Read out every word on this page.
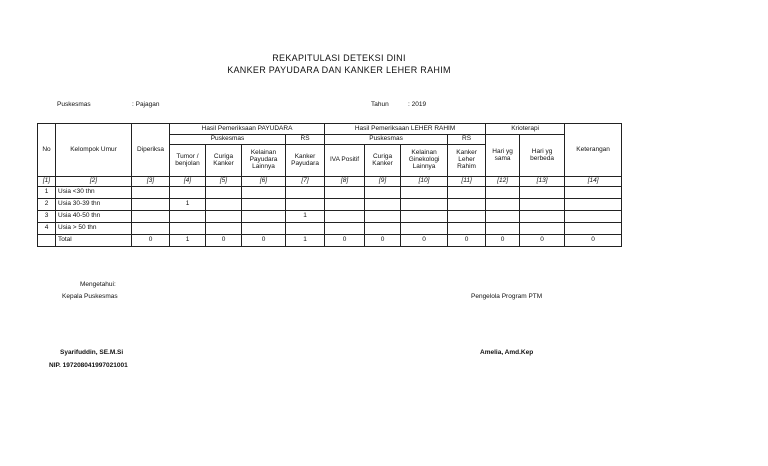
REKAPITULASI DETEKSI DINI
KANKER PAYUDARA DAN KANKER LEHER RAHIM
Puskesmas	: Pajagan	Tahun	: 2019
No	Kelompok Umur	Diperiksa	Hasil Pemeriksaan PAYUDARA				Hasil Pemeriksaan LEHER RAHIM				Krioterapi		Keterangan
			Puskesmas			RS	Puskesmas			RS	Hari yg sama	Hari yg berbeda	
			Tumor / benjolan	Curiga Kanker	Kelainan Payudara Lainnya	Kanker Payudara	IVA Positif	Curiga Kanker	Kelainan Ginekologi Lainnya	Kanker Leher Rahim			
[1]	[2]	[3]	[4]	[5]	[6]	[7]	[8]	[9]	[10]	[11]	[12]	[13]	[14]
1	Usia <30 thn												
2	Usia 30-39 thn		1										
3	Usia 40-50 thn					1							
4	Usia > 50 thn												
	Total	0	1	0	0	1	0	0	0	0	0	0	0
Mengetahui:
Kepala Puskesmas	Pengelola Program PTM
Syarifuddin, SE.M.Si
NIP. 197208041997021001
Amelia, Amd.Kep
